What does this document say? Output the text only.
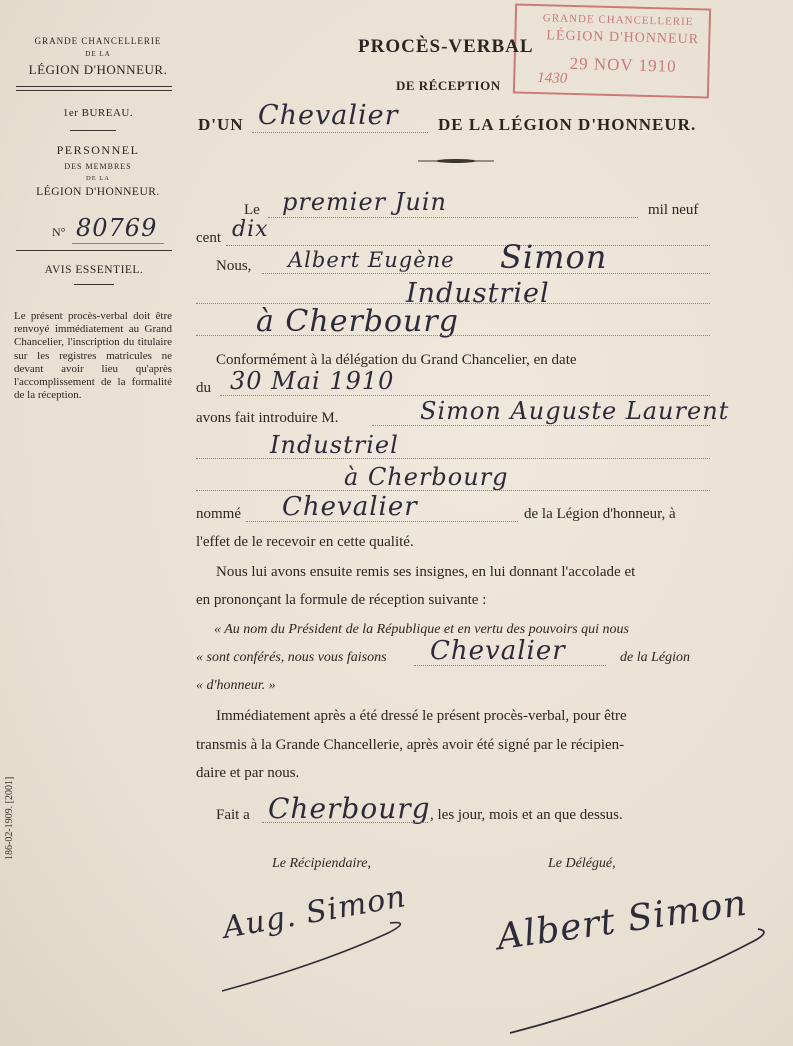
GRANDE CHANCELLERIE
DE LA
LÉGION D'HONNEUR.
1er BUREAU.
PERSONNEL
DES MEMBRES
DE LA
LÉGION D'HONNEUR.
N° 80769
AVIS ESSENTIEL.
Le présent procès-verbal doit être renvoyé immédiatement au Grand Chancelier, l'inscription du titulaire sur les registres matricules ne devant avoir lieu qu'après l'accomplissement de la formalité de la réception.
186-02-1909. [2001]
GRANDE CHANCELLERIE
LÉGION D'HONNEUR
29 NOV 1910
1430
PROCÈS-VERBAL
DE RÉCEPTION
D'UN Chevalier DE LA LÉGION D'HONNEUR.
Le premier Juin	mil neuf
cent dix
Nous, Albert Eugène Simon
Industriel
à Cherbourg
Conformément à la délégation du Grand Chancelier, en date
du 30 Mai 1910
avons fait introduire M.	Simon Auguste Laurent
Industriel
à Cherbourg
nommé Chevalier	de la Légion d'honneur, à
l'effet de le recevoir en cette qualité.
Nous lui avons ensuite remis ses insignes, en lui donnant l'accolade et
en prononçant la formule de réception suivante :
« Au nom du Président de la République et en vertu des pouvoirs qui nous
« sont conférés, nous vous faisons Chevalier	de la Légion
« d'honneur. »
Immédiatement après a été dressé le présent procès-verbal, pour être
transmis à la Grande Chancellerie, après avoir été signé par le récipien-
daire et par nous.
Fait a Cherbourg , les jour, mois et an que dessus.
Le Récipiendaire,	Le Délégué,
Aug. Simon Albert Simon
